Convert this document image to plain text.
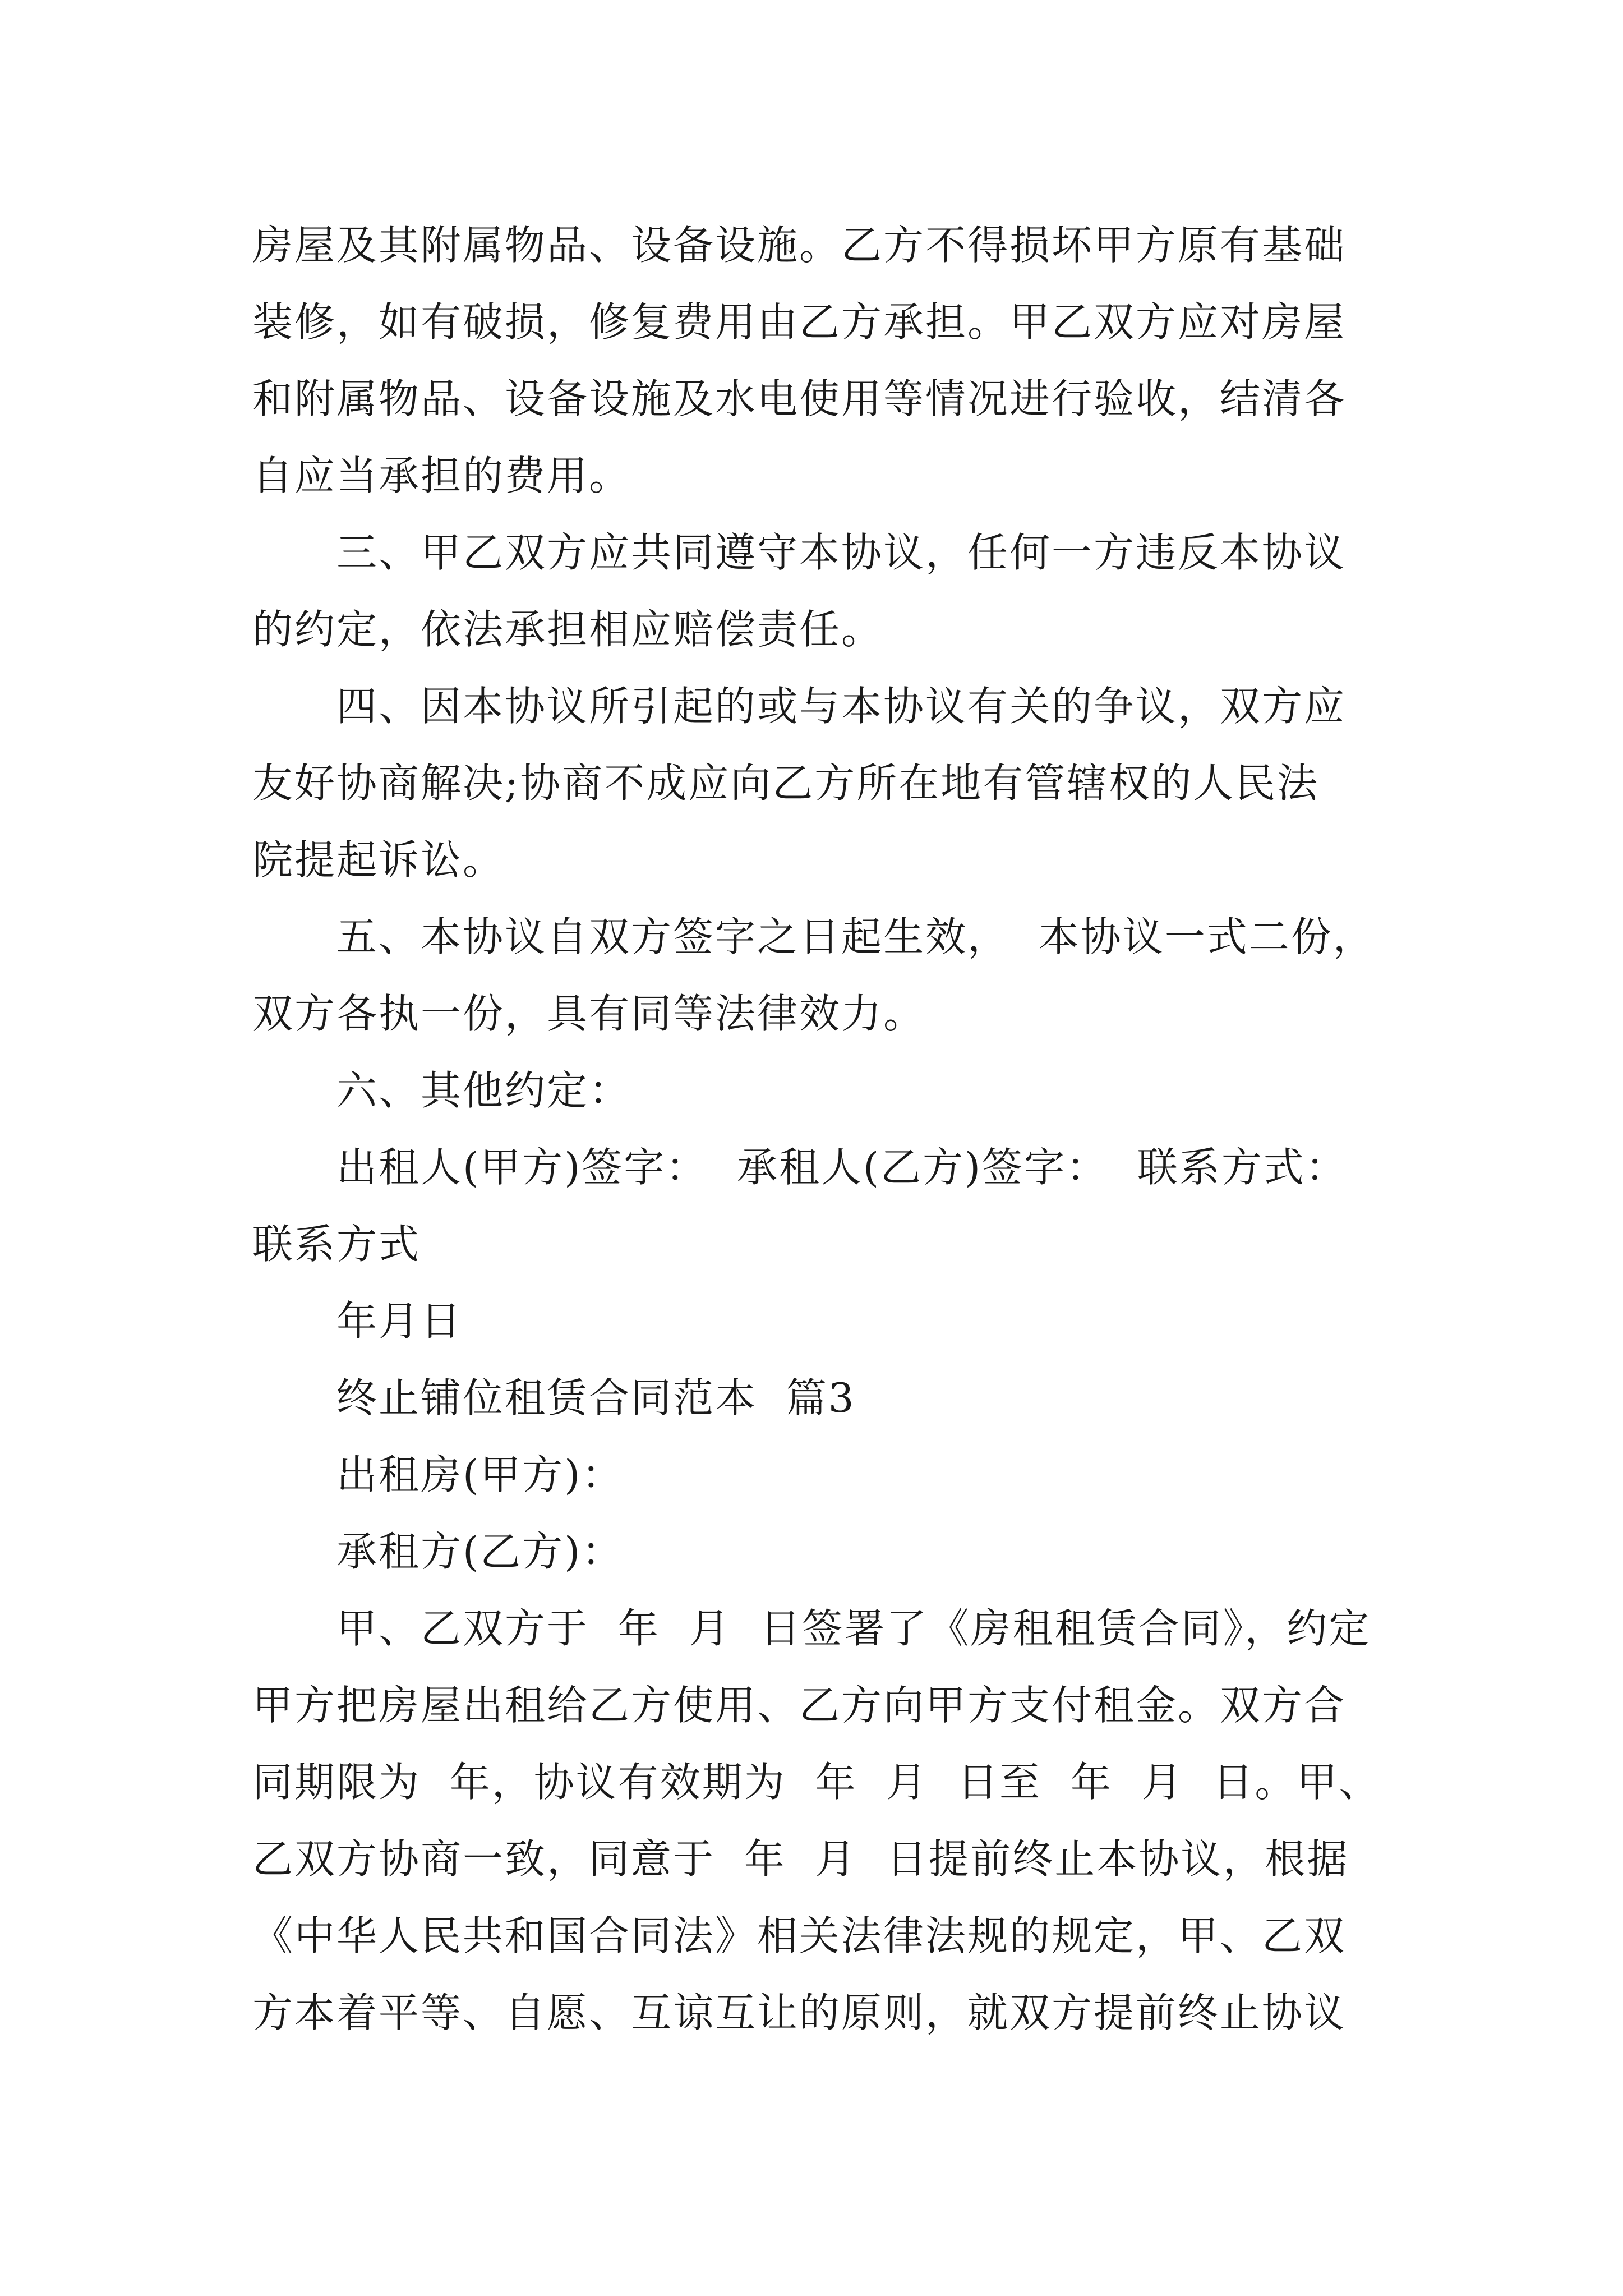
房屋及其附属物品、设备设施。乙方不得损坏甲方原有基础
装修，如有破损，修复费用由乙方承担。甲乙双方应对房屋
和附属物品、设备设施及水电使用等情况进行验收，结清各
自应当承担的费用。
三、甲乙双方应共同遵守本协议，任何一方违反本协议
的约定，依法承担相应赔偿责任。
四、因本协议所引起的或与本协议有关的争议，双方应
友好协商解决;协商不成应向乙方所在地有管辖权的人民法
院提起诉讼。
五、本协议自双方签字之日起生效，  本协议一式二份，
双方各执一份，具有同等法律效力。
六、其他约定：
出租人(甲方)签字：  承租人(乙方)签字：  联系方式：
联系方式
年月日
终止铺位租赁合同范本  篇3
出租房(甲方)：
承租方(乙方)：
甲、乙双方于  年  月  日签署了《房租租赁合同》，约定
甲方把房屋出租给乙方使用、乙方向甲方支付租金。双方合
同期限为  年，协议有效期为  年  月  日至  年  月  日。甲、
乙双方协商一致，同意于  年  月  日提前终止本协议，根据
《中华人民共和国合同法》相关法律法规的规定，甲、乙双
方本着平等、自愿、互谅互让的原则，就双方提前终止协议
